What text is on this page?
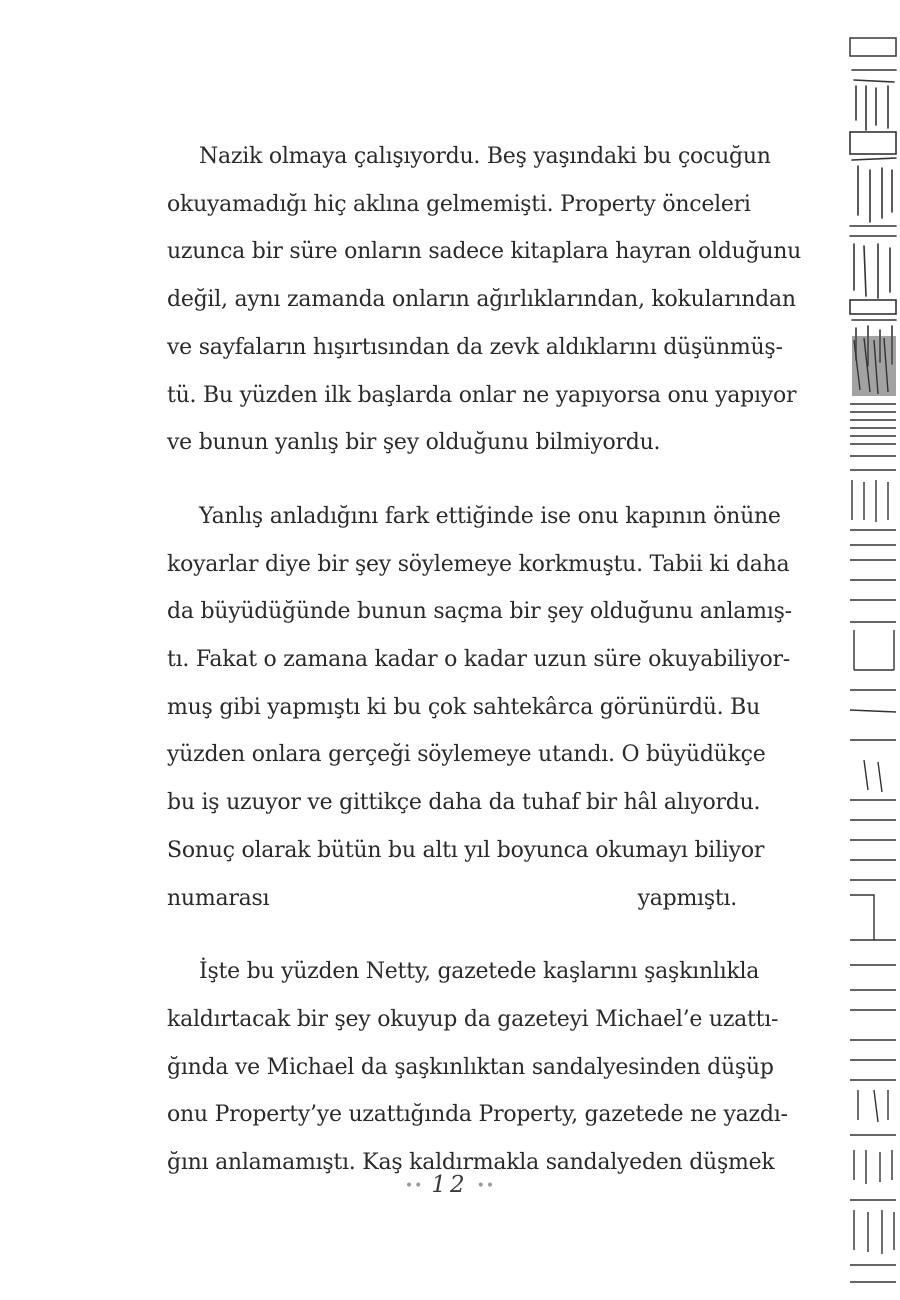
Nazik olmaya çalışıyordu. Beş yaşındaki bu çocuğun
okuyamadığı hiç aklına gelmemişti. Property önceleri
uzunca bir süre onların sadece kitaplara hayran olduğunu
değil, aynı zamanda onların ağırlıklarından, kokularından
ve sayfaların hışırtısından da zevk aldıklarını düşünmüş-
tü. Bu yüzden ilk başlarda onlar ne yapıyorsa onu yapıyor
ve bunun yanlış bir şey olduğunu bilmiyordu.

Yanlış anladığını fark ettiğinde ise onu kapının önüne
koyarlar diye bir şey söylemeye korkmuştu. Tabii ki daha
da büyüdüğünde bunun saçma bir şey olduğunu anlamış-
tı. Fakat o zamana kadar o kadar uzun süre okuyabiliyor-
muş gibi yapmıştı ki bu çok sahtekârca görünürdü. Bu
yüzden onlara gerçeği söylemeye utandı. O büyüdükçe
bu iş uzuyor ve gittikçe daha da tuhaf bir hâl alıyordu.
Sonuç olarak bütün bu altı yıl boyunca okumayı biliyor
numarası yapmıştı.

İşte bu yüzden Netty, gazetede kaşlarını şaşkınlıkla
kaldırtacak bir şey okuyup da gazeteyi Michael’e uzattı-
ğında ve Michael da şaşkınlıktan sandalyesinden düşüp
onu Property’ye uzattığında Property, gazetede ne yazdı-
ğını anlamamıştı. Kaş kaldırmakla sandalyeden düşmek

•• 12 ••
